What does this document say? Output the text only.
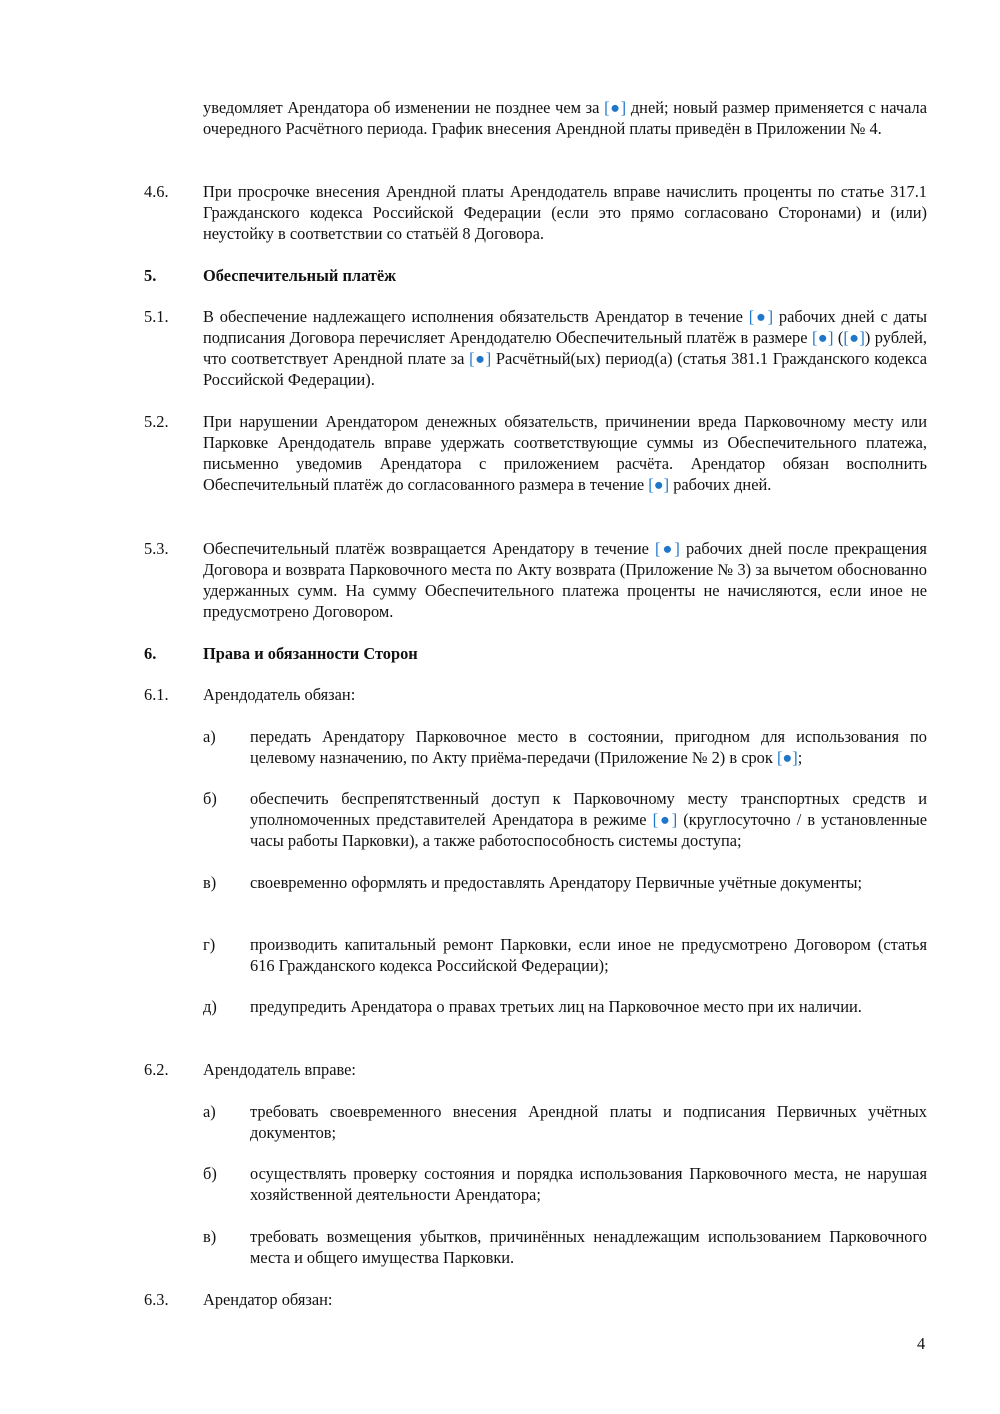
уведомляет Арендатора об изменении не позднее чем за [●] дней; новый размер применяется с начала очередного Расчётного периода. График внесения Арендной платы приведён в Приложении № 4.
4.6. При просрочке внесения Арендной платы Арендодатель вправе начислить проценты по статье 317.1 Гражданского кодекса Российской Федерации (если это прямо согласовано Сторонами) и (или) неустойку в соответствии со статьёй 8 Договора.
5.	Обеспечительный платёж
5.1. В обеспечение надлежащего исполнения обязательств Арендатор в течение [●] рабочих дней с даты подписания Договора перечисляет Арендодателю Обеспечительный платёж в размере [●] ([●]) рублей, что соответствует Арендной плате за [●] Расчётный(ых) период(а) (статья 381.1 Гражданского кодекса Российской Федерации).
5.2. При нарушении Арендатором денежных обязательств, причинении вреда Парковочному месту или Парковке Арендодатель вправе удержать соответствующие суммы из Обеспечительного платежа, письменно уведомив Арендатора с приложением расчёта. Арендатор обязан восполнить Обеспечительный платёж до согласованного размера в течение [●] рабочих дней.
5.3. Обеспечительный платёж возвращается Арендатору в течение [●] рабочих дней после прекращения Договора и возврата Парковочного места по Акту возврата (Приложение № 3) за вычетом обоснованно удержанных сумм. На сумму Обеспечительного платежа проценты не начисляются, если иное не предусмотрено Договором.
6.	Права и обязанности Сторон
6.1. Арендодатель обязан:
а) передать Арендатору Парковочное место в состоянии, пригодном для использования по целевому назначению, по Акту приёма-передачи (Приложение № 2) в срок [●];
б) обеспечить беспрепятственный доступ к Парковочному месту транспортных средств и уполномоченных представителей Арендатора в режиме [●] (круглосуточно / в установленные часы работы Парковки), а также работоспособность системы доступа;
в) своевременно оформлять и предоставлять Арендатору Первичные учётные документы;
г) производить капитальный ремонт Парковки, если иное не предусмотрено Договором (статья 616 Гражданского кодекса Российской Федерации);
д) предупредить Арендатора о правах третьих лиц на Парковочное место при их наличии.
6.2. Арендодатель вправе:
а) требовать своевременного внесения Арендной платы и подписания Первичных учётных документов;
б) осуществлять проверку состояния и порядка использования Парковочного места, не нарушая хозяйственной деятельности Арендатора;
в) требовать возмещения убытков, причинённых ненадлежащим использованием Парковочного места и общего имущества Парковки.
6.3. Арендатор обязан:
4
